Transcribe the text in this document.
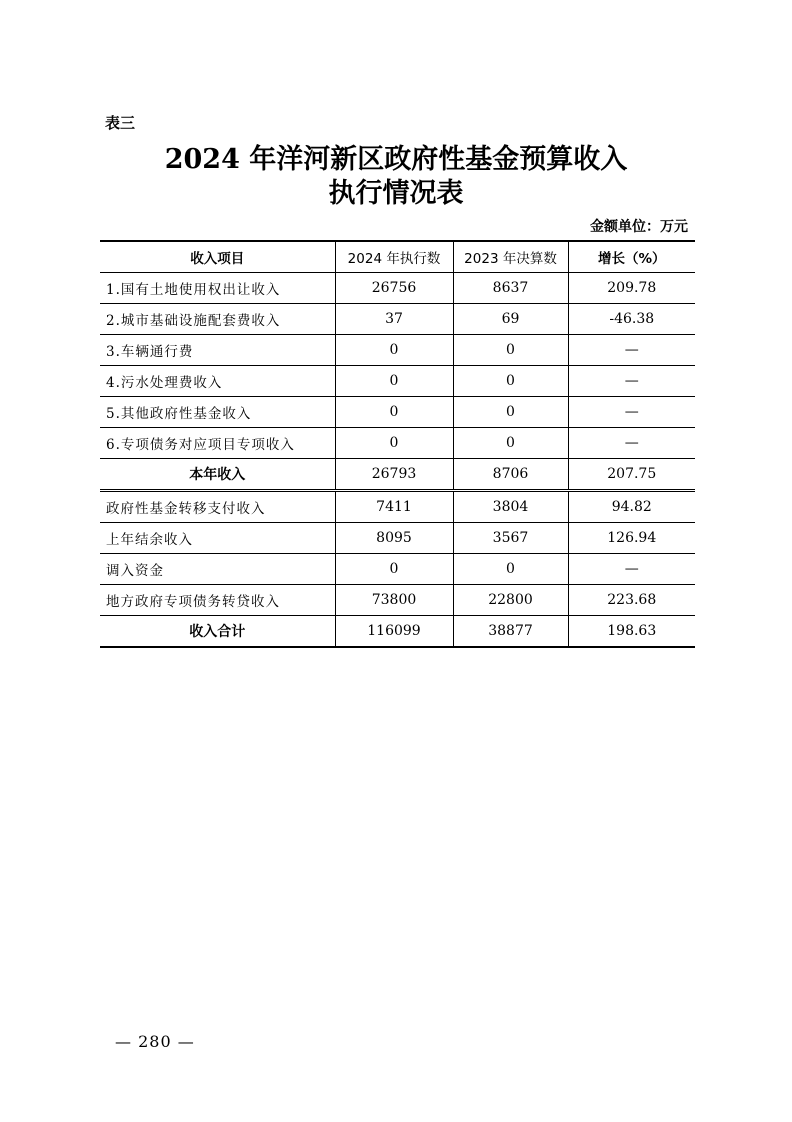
表三
2024 年洋河新区政府性基金预算收入
执行情况表
金额单位：万元
收入项目	2024 年执行数	2023 年决算数	增长（%）
1.国有土地使用权出让收入	26756	8637	209.78
2.城市基础设施配套费收入	37	69	-46.38
3.车辆通行费	0	0	—
4.污水处理费收入	0	0	—
5.其他政府性基金收入	0	0	—
6.专项债务对应项目专项收入	0	0	—
本年收入	26793	8706	207.75
政府性基金转移支付收入	7411	3804	94.82
上年结余收入	8095	3567	126.94
调入资金	0	0	—
地方政府专项债务转贷收入	73800	22800	223.68
收入合计	116099	38877	198.63
— 280 —
